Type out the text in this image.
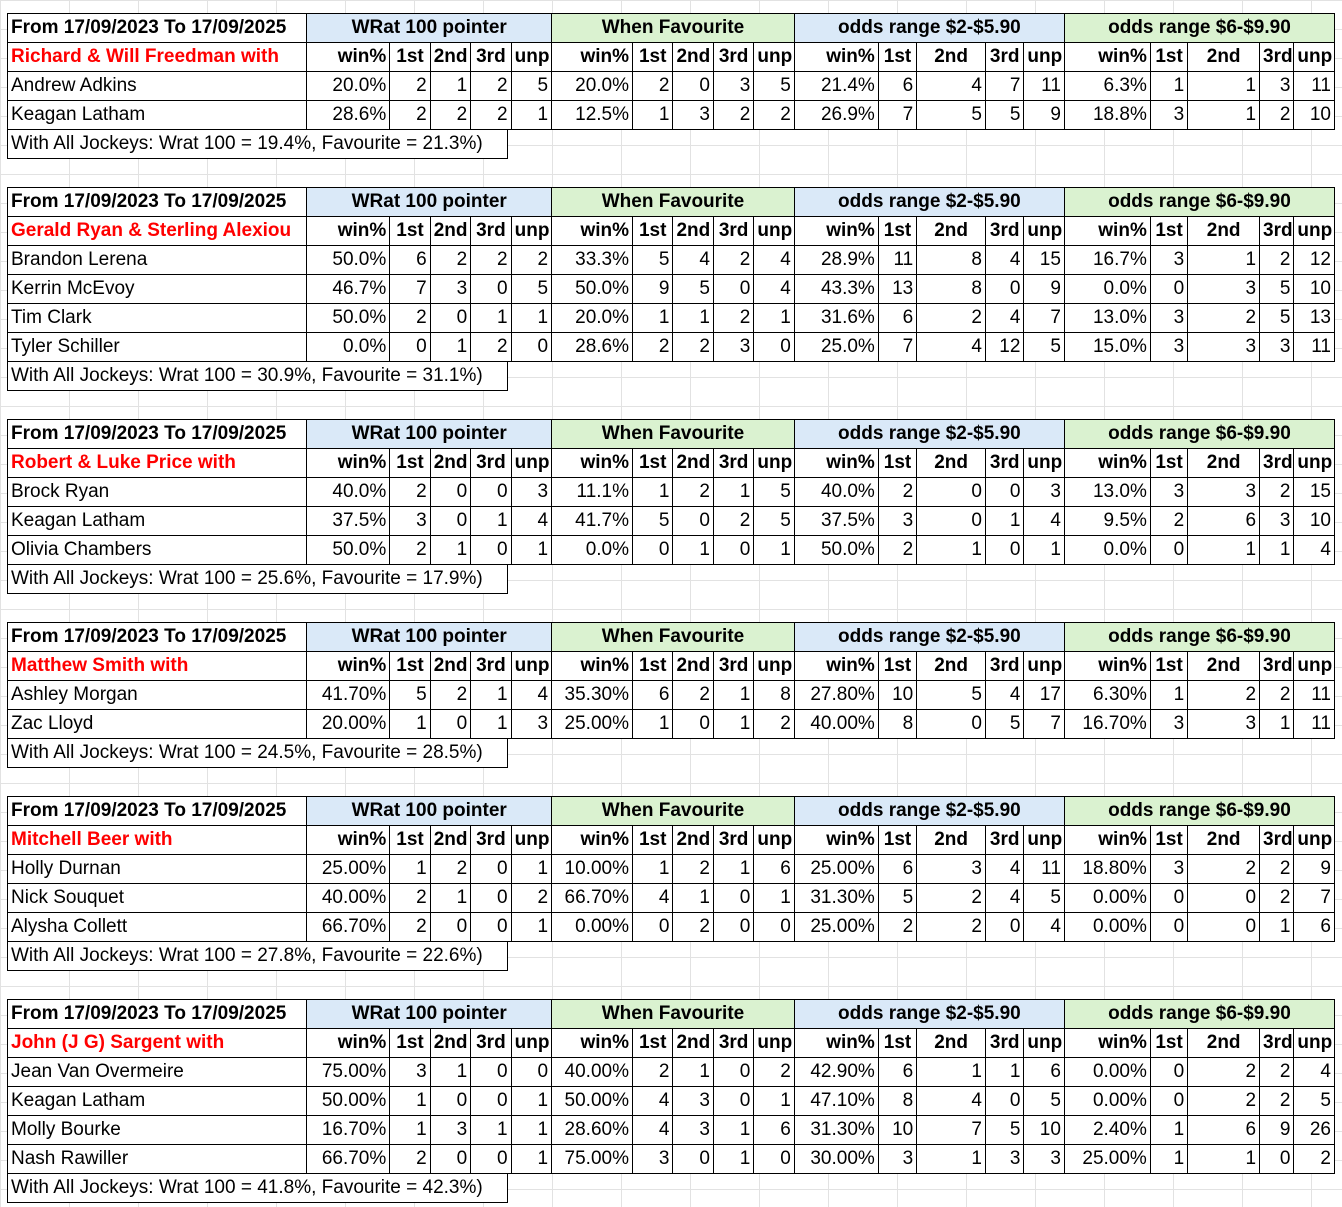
From 17/09/2023 To 17/09/2025	WRat 100 pointer					When Favourite					odds range $2-$5.90					odds range $6-$9.90				
Richard & Will Freedman with	win%	1st	2nd	3rd	unp	win%	1st	2nd	3rd	unp	win%	1st	2nd	3rd	unp	win%	1st	2nd	3rd	unp
Andrew Adkins	20.0%	2	1	2	5	20.0%	2	0	3	5	21.4%	6	4	7	11	6.3%	1	1	3	11
Keagan Latham	28.6%	2	2	2	1	12.5%	1	3	2	2	26.9%	7	5	5	9	18.8%	3	1	2	10
With All Jockeys: Wrat 100 = 19.4%, Favourite = 21.3%)
From 17/09/2023 To 17/09/2025	WRat 100 pointer					When Favourite					odds range $2-$5.90					odds range $6-$9.90				
Gerald Ryan & Sterling Alexiou	win%	1st	2nd	3rd	unp	win%	1st	2nd	3rd	unp	win%	1st	2nd	3rd	unp	win%	1st	2nd	3rd	unp
Brandon Lerena	50.0%	6	2	2	2	33.3%	5	4	2	4	28.9%	11	8	4	15	16.7%	3	1	2	12
Kerrin McEvoy	46.7%	7	3	0	5	50.0%	9	5	0	4	43.3%	13	8	0	9	0.0%	0	3	5	10
Tim Clark	50.0%	2	0	1	1	20.0%	1	1	2	1	31.6%	6	2	4	7	13.0%	3	2	5	13
Tyler Schiller	0.0%	0	1	2	0	28.6%	2	2	3	0	25.0%	7	4	12	5	15.0%	3	3	3	11
With All Jockeys: Wrat 100 = 30.9%, Favourite = 31.1%)
From 17/09/2023 To 17/09/2025	WRat 100 pointer					When Favourite					odds range $2-$5.90					odds range $6-$9.90				
Robert & Luke Price with	win%	1st	2nd	3rd	unp	win%	1st	2nd	3rd	unp	win%	1st	2nd	3rd	unp	win%	1st	2nd	3rd	unp
Brock Ryan	40.0%	2	0	0	3	11.1%	1	2	1	5	40.0%	2	0	0	3	13.0%	3	3	2	15
Keagan Latham	37.5%	3	0	1	4	41.7%	5	0	2	5	37.5%	3	0	1	4	9.5%	2	6	3	10
Olivia Chambers	50.0%	2	1	0	1	0.0%	0	1	0	1	50.0%	2	1	0	1	0.0%	0	1	1	4
With All Jockeys: Wrat 100 = 25.6%, Favourite = 17.9%)
From 17/09/2023 To 17/09/2025	WRat 100 pointer					When Favourite					odds range $2-$5.90					odds range $6-$9.90				
Matthew Smith with	win%	1st	2nd	3rd	unp	win%	1st	2nd	3rd	unp	win%	1st	2nd	3rd	unp	win%	1st	2nd	3rd	unp
Ashley Morgan	41.70%	5	2	1	4	35.30%	6	2	1	8	27.80%	10	5	4	17	6.30%	1	2	2	11
Zac Lloyd	20.00%	1	0	1	3	25.00%	1	0	1	2	40.00%	8	0	5	7	16.70%	3	3	1	11
With All Jockeys: Wrat 100 = 24.5%, Favourite = 28.5%)
From 17/09/2023 To 17/09/2025	WRat 100 pointer					When Favourite					odds range $2-$5.90					odds range $6-$9.90				
Mitchell Beer with	win%	1st	2nd	3rd	unp	win%	1st	2nd	3rd	unp	win%	1st	2nd	3rd	unp	win%	1st	2nd	3rd	unp
Holly Durnan	25.00%	1	2	0	1	10.00%	1	2	1	6	25.00%	6	3	4	11	18.80%	3	2	2	9
Nick Souquet	40.00%	2	1	0	2	66.70%	4	1	0	1	31.30%	5	2	4	5	0.00%	0	0	2	7
Alysha Collett	66.70%	2	0	0	1	0.00%	0	2	0	0	25.00%	2	2	0	4	0.00%	0	0	1	6
With All Jockeys: Wrat 100 = 27.8%, Favourite = 22.6%)
From 17/09/2023 To 17/09/2025	WRat 100 pointer					When Favourite					odds range $2-$5.90					odds range $6-$9.90				
John (J G) Sargent with	win%	1st	2nd	3rd	unp	win%	1st	2nd	3rd	unp	win%	1st	2nd	3rd	unp	win%	1st	2nd	3rd	unp
Jean Van Overmeire	75.00%	3	1	0	0	40.00%	2	1	0	2	42.90%	6	1	1	6	0.00%	0	2	2	4
Keagan Latham	50.00%	1	0	0	1	50.00%	4	3	0	1	47.10%	8	4	0	5	0.00%	0	2	2	5
Molly Bourke	16.70%	1	3	1	1	28.60%	4	3	1	6	31.30%	10	7	5	10	2.40%	1	6	9	26
Nash Rawiller	66.70%	2	0	0	1	75.00%	3	0	1	0	30.00%	3	1	3	3	25.00%	1	1	0	2
With All Jockeys: Wrat 100 = 41.8%, Favourite = 42.3%)
